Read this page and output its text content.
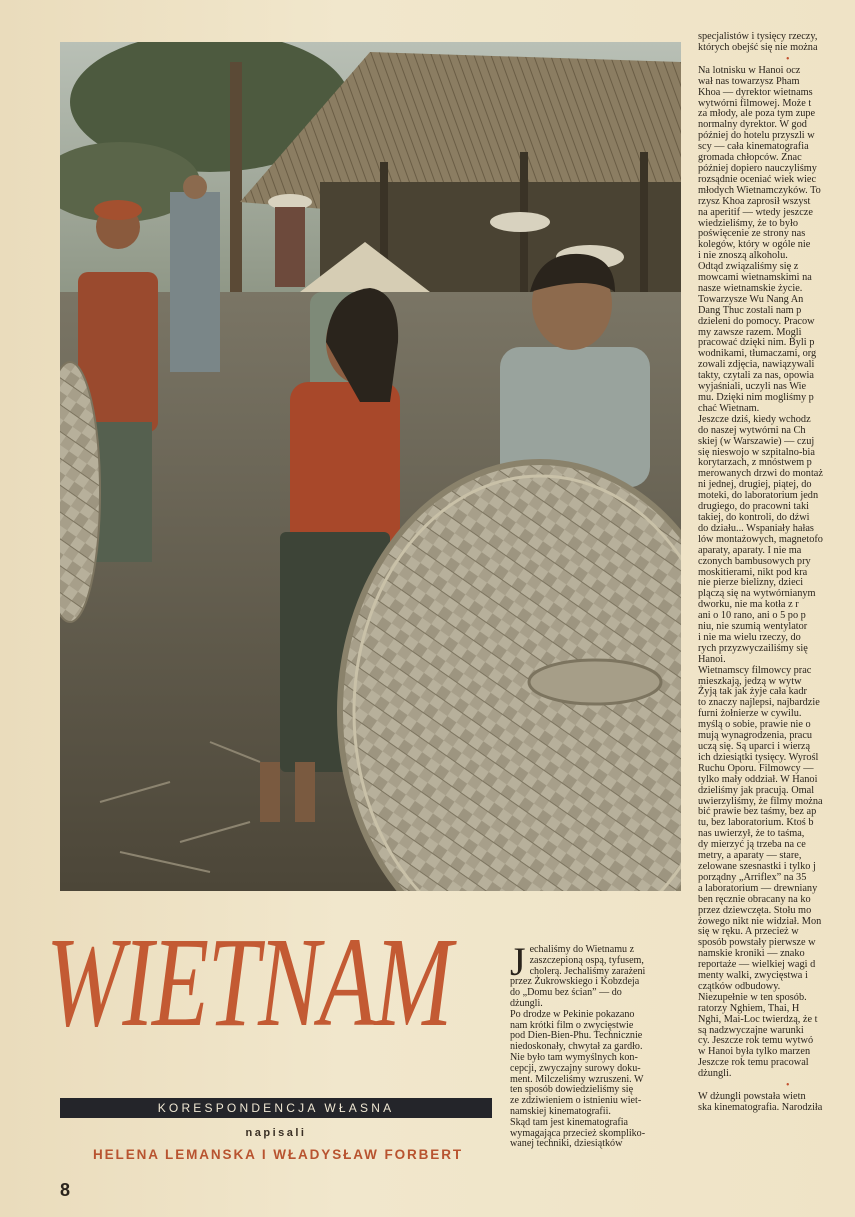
specjalistów i tysięcy rzeczy,
których obejść się nie można

•

Na lotnisku w Hanoi ocz
wał nas towarzysz Pham
Khoa — dyrektor wietnams
wytwórni filmowej. Może t
za młody, ale poza tym zupe
normalny dyrektor. W god
później do hotelu przyszli w
scy — cała kinematografia
gromada chłopców. Znac
później dopiero nauczyliśmy
rozsądnie oceniać wiek wiec
młodych Wietnamczyków. To
rzysz Khoa zaprosił wszyst
na aperitif — wtedy jeszcze
wiedzieliśmy, że to było
poświęcenie ze strony nas
kolegów, który w ogóle nie
i nie znoszą alkoholu.
Odtąd związaliśmy się z
mowcami wietnamskimi na
nasze wietnamskie życie.
Towarzysze Wu Nang An
Dang Thuc zostali nam p
dzieleni do pomocy. Pracow
my zawsze razem. Mogli
pracować dzięki nim. Byli p
wodnikami, tłumaczami, org
zowali zdjęcia, nawiązywali
takty, czytali za nas, opowia
wyjaśniali, uczyli nas Wie
mu. Dzięki nim mogliśmy p
chać Wietnam.
Jeszcze dziś, kiedy wchodz
do naszej wytwórni na Ch
skiej (w Warszawie) — czuj
się nieswojo w szpitalno-bia
korytarzach, z mnóstwem p
merowanych drzwi do montaż
ni jednej, drugiej, piątej, do
moteki, do laboratorium jedn
drugiego, do pracowni taki
takiej, do kontroli, do dźwi
do działu... Wspaniały hałas
lów montażowych, magnetofo
aparaty, aparaty. I nie ma
czonych bambusowych pry
moskitierami, nikt pod kra
nie pierze bielizny, dzieci
plączą się na wytwórnianym
dworku, nie ma kotła z r
ani o 10 rano, ani o 5 po p
niu, nie szumią wentylator
i nie ma wielu rzeczy, do
rych przyzwyczailiśmy się
Hanoi.
Wietnamscy filmowcy prac
mieszkają, jedzą w wytw
Żyją tak jak żyje cała kadr
to znaczy najlepsi, najbardzie
furni żołnierze w cywilu.
myślą o sobie, prawie nie o
mują wynagrodzenia, pracu
uczą się. Są uparci i wierzą
ich dziesiątki tysięcy. Wyrośl
Ruchu Oporu. Filmowcy —
tylko mały oddział. W Hanoi
dzieliśmy jak pracują. Omal
uwierzyliśmy, że filmy można
bić prawie bez taśmy, bez ap
tu, bez laboratorium. Ktoś b
nas uwierzył, że to taśma,
dy mierzyć ją trzeba na ce
metry, a aparaty — stare,
zelowane szesnastki i tylko j
porządny „Arriflex” na 35
a laboratorium — drewniany
ben ręcznie obracany na ko
przez dziewczęta. Stołu mo
żowego nikt nie widział. Mon
się w ręku. A przecież w
sposób powstały pierwsze w
namskie kroniki — znako
reportaże — wielkiej wagi d
menty walki, zwycięstwa i
czątków odbudowy.
Niezupełnie w ten sposób.
ratorzy Nghiem, Thai, H
Nghi, Mai-Loc twierdzą, że t
są nadzwyczajne warunki
cy. Jeszcze rok temu wytwó
w Hanoi była tylko marzen
Jeszcze rok temu pracowal
dżungli.

•

W dżungli powstała wietn
ska kinematografia. Narodziła

WIETNAM
KORESPONDENCJA WŁASNA
napisali
HELENA LEMANSKA I WŁADYSŁAW FORBERT
8
J echaliśmy do Wietnamu z
zaszczepioną ospą, tyfusem,
cholerą. Jechaliśmy zarażeni
przez Żukrowskiego i Kobzdeja
do „Domu bez ścian” — do
dżungli.
Po drodze w Pekinie pokazano
nam krótki film o zwycięstwie
pod Dien-Bien-Phu. Technicznie
niedoskonały, chwytał za gardło.
Nie było tam wymyślnych kon-
cepcji, zwyczajny surowy doku-
ment. Milczeliśmy wzruszeni. W
ten sposób dowiedzieliśmy się
ze zdziwieniem o istnieniu wiet-
namskiej kinematografii.
Skąd tam jest kinematografia
wymagająca przecież skompliko-
wanej techniki, dziesiątków
